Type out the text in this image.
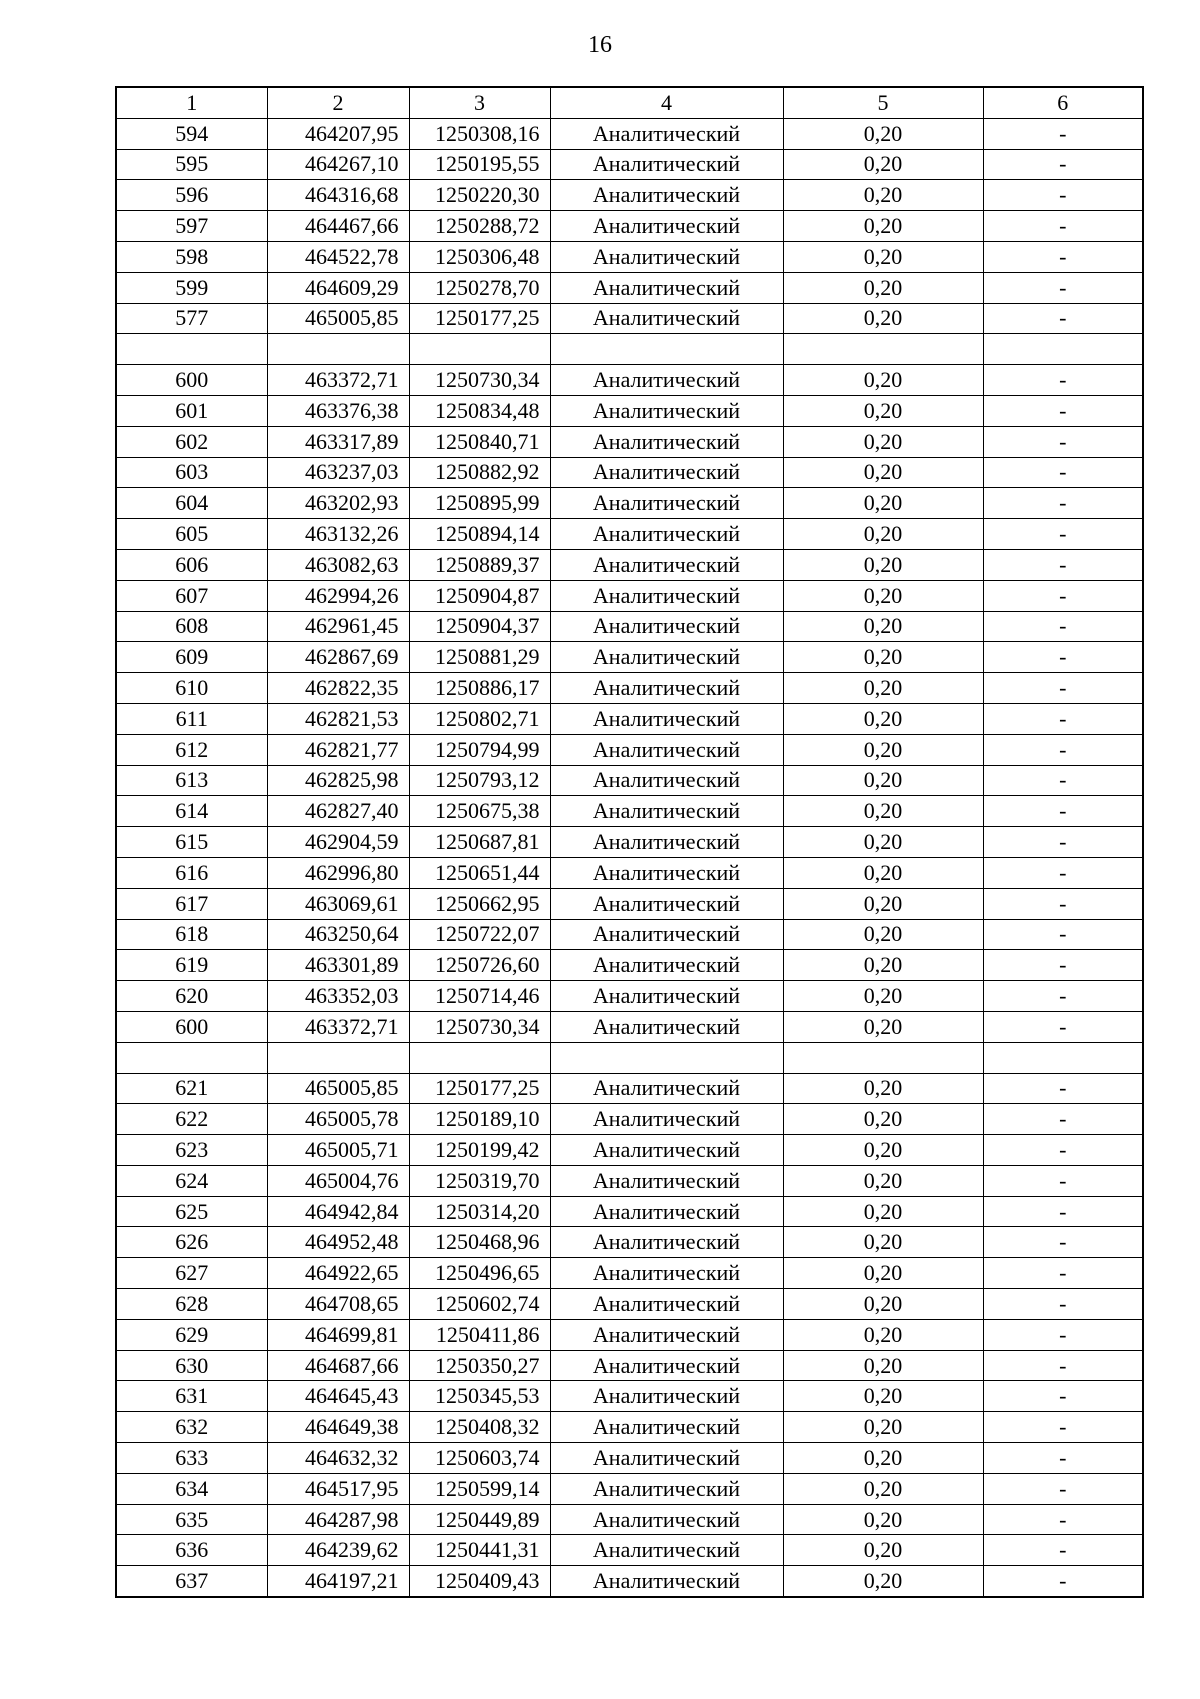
16
1	2	3	4	5	6
594	464207,95	1250308,16	Аналитический	0,20	-
595	464267,10	1250195,55	Аналитический	0,20	-
596	464316,68	1250220,30	Аналитический	0,20	-
597	464467,66	1250288,72	Аналитический	0,20	-
598	464522,78	1250306,48	Аналитический	0,20	-
599	464609,29	1250278,70	Аналитический	0,20	-
577	465005,85	1250177,25	Аналитический	0,20	-

600	463372,71	1250730,34	Аналитический	0,20	-
601	463376,38	1250834,48	Аналитический	0,20	-
602	463317,89	1250840,71	Аналитический	0,20	-
603	463237,03	1250882,92	Аналитический	0,20	-
604	463202,93	1250895,99	Аналитический	0,20	-
605	463132,26	1250894,14	Аналитический	0,20	-
606	463082,63	1250889,37	Аналитический	0,20	-
607	462994,26	1250904,87	Аналитический	0,20	-
608	462961,45	1250904,37	Аналитический	0,20	-
609	462867,69	1250881,29	Аналитический	0,20	-
610	462822,35	1250886,17	Аналитический	0,20	-
611	462821,53	1250802,71	Аналитический	0,20	-
612	462821,77	1250794,99	Аналитический	0,20	-
613	462825,98	1250793,12	Аналитический	0,20	-
614	462827,40	1250675,38	Аналитический	0,20	-
615	462904,59	1250687,81	Аналитический	0,20	-
616	462996,80	1250651,44	Аналитический	0,20	-
617	463069,61	1250662,95	Аналитический	0,20	-
618	463250,64	1250722,07	Аналитический	0,20	-
619	463301,89	1250726,60	Аналитический	0,20	-
620	463352,03	1250714,46	Аналитический	0,20	-
600	463372,71	1250730,34	Аналитический	0,20	-

621	465005,85	1250177,25	Аналитический	0,20	-
622	465005,78	1250189,10	Аналитический	0,20	-
623	465005,71	1250199,42	Аналитический	0,20	-
624	465004,76	1250319,70	Аналитический	0,20	-
625	464942,84	1250314,20	Аналитический	0,20	-
626	464952,48	1250468,96	Аналитический	0,20	-
627	464922,65	1250496,65	Аналитический	0,20	-
628	464708,65	1250602,74	Аналитический	0,20	-
629	464699,81	1250411,86	Аналитический	0,20	-
630	464687,66	1250350,27	Аналитический	0,20	-
631	464645,43	1250345,53	Аналитический	0,20	-
632	464649,38	1250408,32	Аналитический	0,20	-
633	464632,32	1250603,74	Аналитический	0,20	-
634	464517,95	1250599,14	Аналитический	0,20	-
635	464287,98	1250449,89	Аналитический	0,20	-
636	464239,62	1250441,31	Аналитический	0,20	-
637	464197,21	1250409,43	Аналитический	0,20	-
